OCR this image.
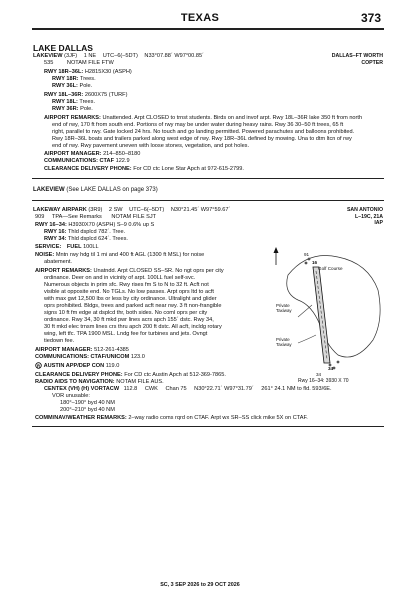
TEXAS	373
LAKE DALLAS
LAKEVIEW (3JF) 1 NE UTC–6(–5DT) N33°07.88´ W97°00.85´	DALLAS–FT WORTH
COPTER
535 NOTAM FILE FTW
RWY 18R–36L: H2815X30 (ASPH)
RWY 18R: Trees.
RWY 36L: Pole.
RWY 18L–36R: 2600X75 (TURF)
RWY 18L: Trees.
RWY 36R: Pole.
AIRPORT REMARKS: Unattended. Arpt CLOSED to trnst students. Birds on and invof arpt. Rwy 18L–36R lake 350 ft from north
end of rwy, 170 ft from south end. Portions of rwy may be under water during heavy rains. Rwy 36 30–50 ft trees, 65 ft
right, parallel to rwy. Gate locked 24 hrs. No touch and go landing permitted. Powered parachutes and balloons prohibited.
Rwy 18R–36L boats and trailers parked along west edge of rwy. Rwy 18R–36L defined by mowing. Una to dtm ltcn of rwy
end of rwy. Rwy pavement uneven with loose stones, vegetation, and pot holes.
AIRPORT MANAGER: 214–850–8180
COMMUNICATIONS: CTAF 122.9
CLEARANCE DELIVERY PHONE: For CD ctc Lone Star Apch at 972-615-2799.
LAKEVIEW (See LAKE DALLAS on page 373)
LAKEWAY AIRPARK (3R9) 2 SW UTC–6(–5DT) N30°21.45´ W97°59.67´	SAN ANTONIO
L–19C, 21A
IAP
909 TPA—See Remarks NOTAM FILE SJT
RWY 16–34: H3930X70 (ASPH) S–9 0.6% up S
RWY 16: Thld dsplcd 782´. Tree.
RWY 34: Thld dsplcd 624´. Trees.
SERVICE: FUEL 100LL
NOISE: Mntn rwy hdg til 1 mi and 400 ft AGL (1300 ft MSL) for noise
abatement.
AIRPORT REMARKS: Unatndd. Arpt CLOSED SS–SR. No ngt oprs per city
ordinance. Deer on and in vicinity of arpt. 100LL fuel self-svc.
Numerous objects in prim sfc. Rwy rises fm S to N to 32 ft. Acft not
visible at opposite end. No TGLs. No low passes. Arpt oprs ltd to acft
with max gwt 12,500 lbs or less by city ordinance. Ultralight and glider
oprs prohibited. Bldgs, trees and parked acft near rwy. 3 ft non-frangible
signs 10 ft fm edge at dsplcd thr, both sides. No coml oprs per city
ordinance. Rwy 34, 30 ft mkd pwr lines acrs apch 155´ dstc. Rwy 34,
30 ft mkd elec trnsm lines crs thru apch 200 ft dstc. All acft, incldg rotary
wing, left tfc. TPA 1900 MSL. Lndg fee for turbines and jets. Ovngt
tiedown fee.
AIRPORT MANAGER: 512-261-4385
COMMUNICATIONS: CTAF/UNICOM 123.0
R AUSTIN APP/DEP CON 119.0
CLEARANCE DELIVERY PHONE: For CD ctc Austin Apch at 512-369-7865.
RADIO AIDS TO NAVIGATION: NOTAM FILE AUS.
CENTEX (VH) (H) VORTACW 112.8 CWK Chan 75 N30°22.71´ W97°31.79´ 261° 24.1 NM to fld. 593/6E.
VOR unusable:
180°–190° byd 40 NM
200°–210° byd 40 NM
COMM/NAV/WEATHER REMARKS: 2–way radio coms rqrd on CTAF. Arpt wx SR–SS click mike 5X on CTAF.
Golf Course
Private
Taxiway
Private
Taxiway
91
16
34
34
Rwy 16–34: 3930 X 70
SC, 3 SEP 2026 to 29 OCT 2026
